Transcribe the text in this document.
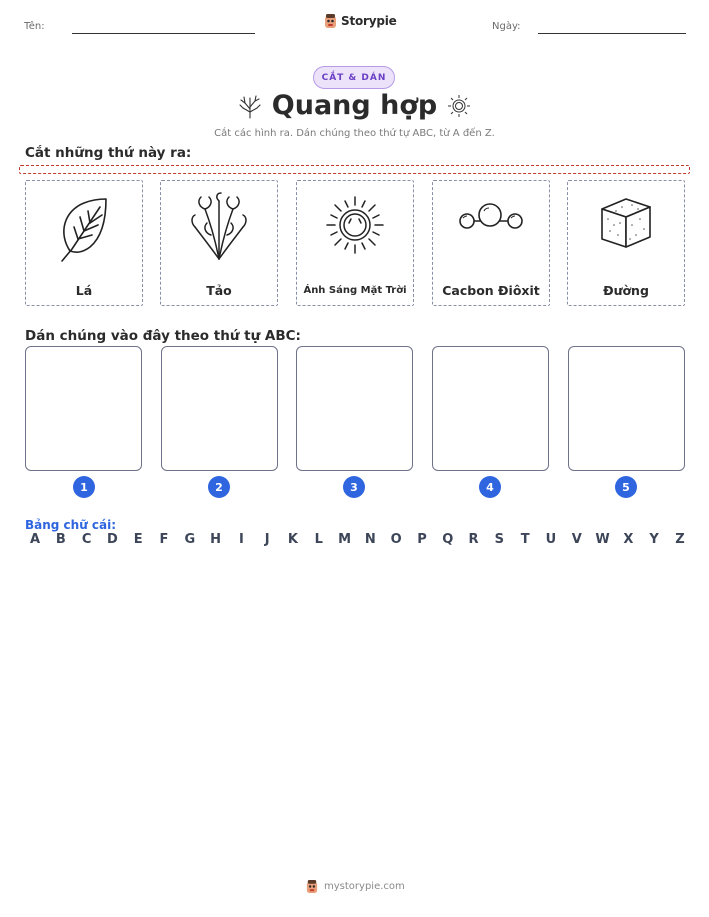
Tên:	Storypie	Ngày:
CẮT & DÁN
Quang hợp
Cắt các hình ra. Dán chúng theo thứ tự ABC, từ A đến Z.
Cắt những thứ này ra:
Lá	Tảo	Ánh Sáng Mặt Trời	Cacbon Điôxit	Đường
Dán chúng vào đây theo thứ tự ABC:
1	2	3	4	5
Bảng chữ cái:
A	B	C	D	E	F	G	H	I	J	K	L	M	N	O	P	Q	R	S	T	U	V	W	X	Y	Z
mystorypie.com
